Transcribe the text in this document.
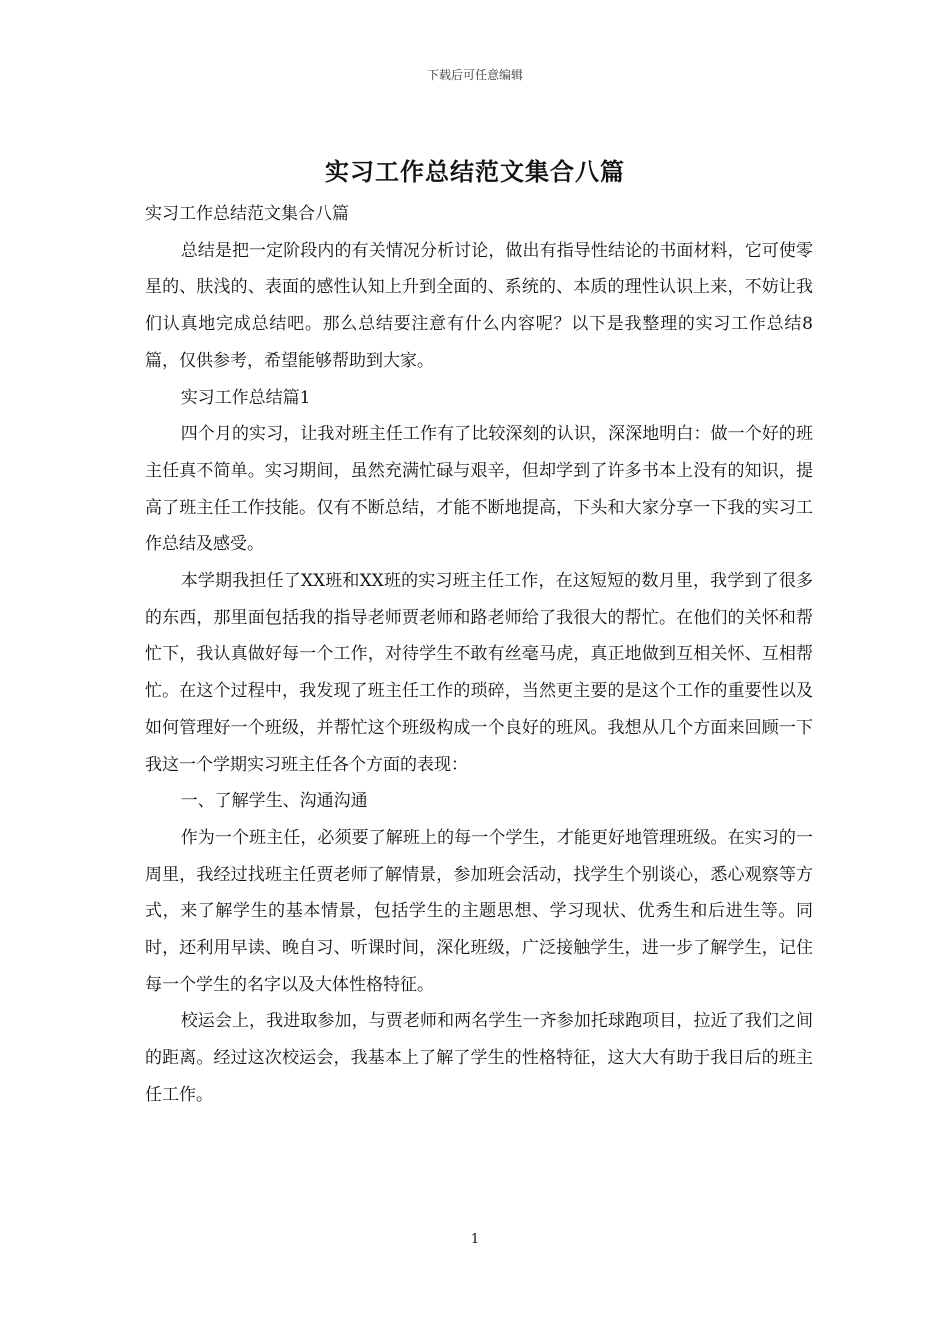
下载后可任意编辑
实习工作总结范文集合八篇

实习工作总结范文集合八篇

总结是把一定阶段内的有关情况分析讨论，做出有指导性结论的书面材料，它可使零星的、肤浅的、表面的感性认知上升到全面的、系统的、本质的理性认识上来，不妨让我们认真地完成总结吧。那么总结要注意有什么内容呢？以下是我整理的实习工作总结8篇，仅供参考，希望能够帮助到大家。

实习工作总结篇1

四个月的实习，让我对班主任工作有了比较深刻的认识，深深地明白：做一个好的班主任真不简单。实习期间，虽然充满忙碌与艰辛，但却学到了许多书本上没有的知识，提高了班主任工作技能。仅有不断总结，才能不断地提高，下头和大家分享一下我的实习工作总结及感受。

本学期我担任了XX班和XX班的实习班主任工作，在这短短的数月里，我学到了很多的东西，那里面包括我的指导老师贾老师和路老师给了我很大的帮忙。在他们的关怀和帮忙下，我认真做好每一个工作，对待学生不敢有丝毫马虎，真正地做到互相关怀、互相帮忙。在这个过程中，我发现了班主任工作的琐碎，当然更主要的是这个工作的重要性以及如何管理好一个班级，并帮忙这个班级构成一个良好的班风。我想从几个方面来回顾一下我这一个学期实习班主任各个方面的表现：

一、了解学生、沟通沟通

作为一个班主任，必须要了解班上的每一个学生，才能更好地管理班级。在实习的一周里，我经过找班主任贾老师了解情景，参加班会活动，找学生个别谈心，悉心观察等方式，来了解学生的基本情景，包括学生的主题思想、学习现状、优秀生和后进生等。同时，还利用早读、晚自习、听课时间，深化班级，广泛接触学生，进一步了解学生，记住每一个学生的名字以及大体性格特征。

校运会上，我进取参加，与贾老师和两名学生一齐参加托球跑项目，拉近了我们之间的距离。经过这次校运会，我基本上了解了学生的性格特征，这大大有助于我日后的班主任工作。

1
